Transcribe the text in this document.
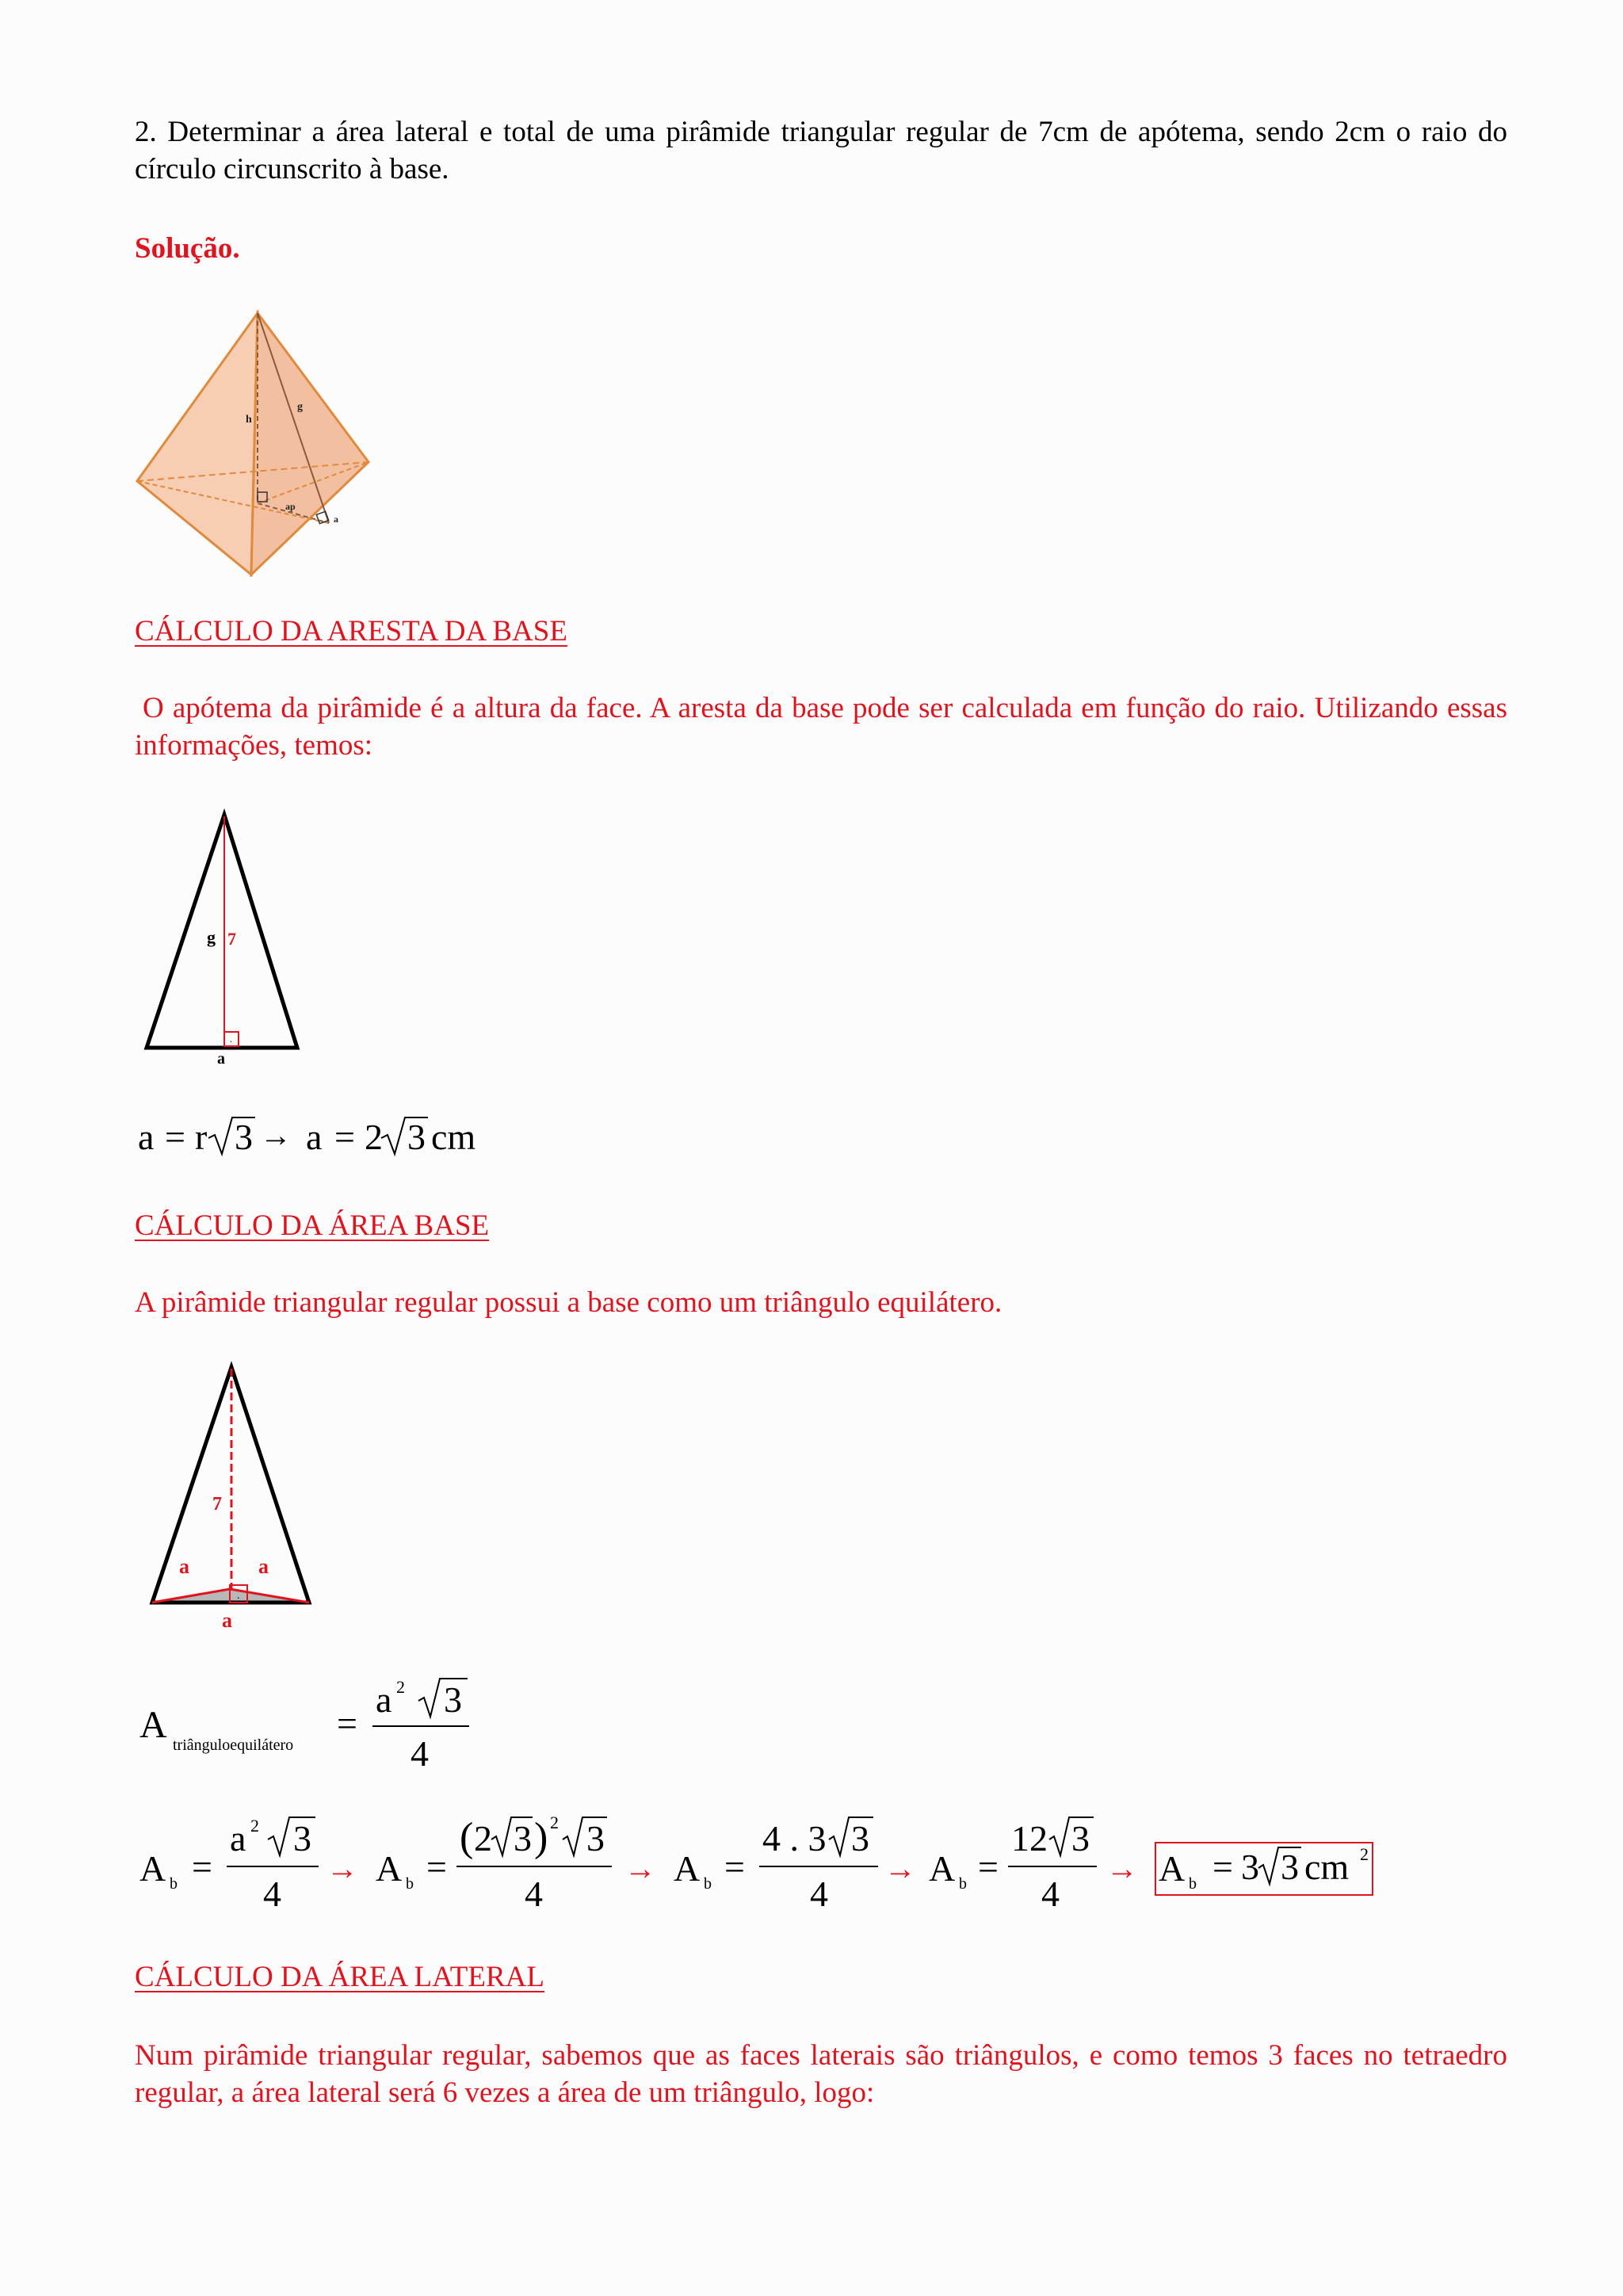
2. Determinar a área lateral e total de uma pirâmide triangular regular de 7cm de apótema, sendo 2cm o raio do círculo circunscrito à base.
Solução.
h
g
ap
a
CÁLCULO DA ARESTA DA BASE
O apótema da pirâmide é a altura da face. A aresta da base pode ser calculada em função do raio. Utilizando essas informações, temos:
.
g 7
a
a = r 3 → a = 2 3 cm
CÁLCULO DA ÁREA BASE
A pirâmide triangular regular possui a base como um triângulo equilátero.
.
7
a	a
a
A triânguloequilátero
=
a 2 3
4
A b =
a 2 3
4
→ A b =
( 2 3 ) 2 3
4
→ A b =
4 . 3 3
4
→ A b =
12 3
4
→ A b = 3 3 cm 2
CÁLCULO DA ÁREA LATERAL
Num pirâmide triangular regular, sabemos que as faces laterais são triângulos, e como temos 3 faces no tetraedro regular, a área lateral será 6 vezes a área de um triângulo, logo:
